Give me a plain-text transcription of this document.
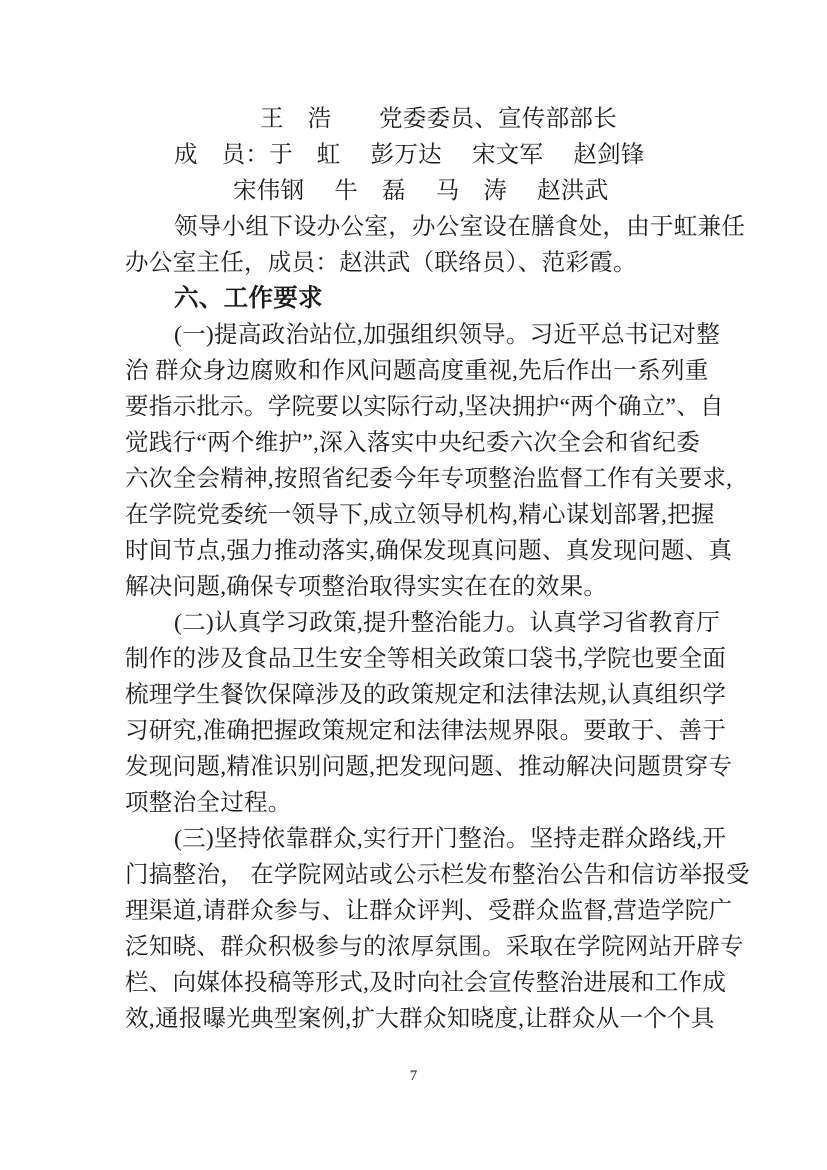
王　浩　　党委委员、宣传部部长
成　员：于　虹　 彭万达　 宋文军　 赵剑锋
宋伟钢　 牛　磊　 马　涛　 赵洪武
领导小组下设办公室，办公室设在膳食处，由于虹兼任
办公室主任，成员：赵洪武（联络员）、范彩霞。
六、工作要求
(一)提高政治站位,加强组织领导。习近平总书记对整
治 群众身边腐败和作风问题高度重视,先后作出一系列重
要指示批示。学院要以实际行动,坚决拥护“两个确立”、自
觉践行“两个维护”,深入落实中央纪委六次全会和省纪委
六次全会精神,按照省纪委今年专项整治监督工作有关要求,
在学院党委统一领导下,成立领导机构,精心谋划部署,把握
时间节点,强力推动落实,确保发现真问题、真发现问题、真
解决问题,确保专项整治取得实实在在的效果。
(二)认真学习政策,提升整治能力。认真学习省教育厅
制作的涉及食品卫生安全等相关政策口袋书,学院也要全面
梳理学生餐饮保障涉及的政策规定和法律法规,认真组织学
习研究,准确把握政策规定和法律法规界限。要敢于、善于
发现问题,精准识别问题,把发现问题、推动解决问题贯穿专
项整治全过程。
(三)坚持依靠群众,实行开门整治。坚持走群众路线,开
门搞整治， 在学院网站或公示栏发布整治公告和信访举报受
理渠道,请群众参与、让群众评判、受群众监督,营造学院广
泛知晓、群众积极参与的浓厚氛围。采取在学院网站开辟专
栏、向媒体投稿等形式,及时向社会宣传整治进展和工作成
效,通报曝光典型案例,扩大群众知晓度,让群众从一个个具
7
